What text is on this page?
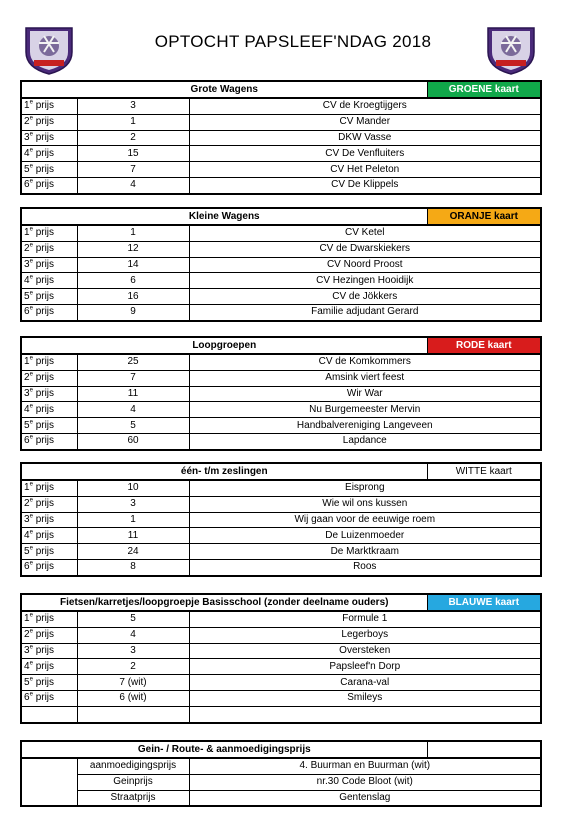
OPTOCHT PAPSLEEF'NDAG 2018
Grote Wagens			GROENE kaart
1e prijs	3	CV de Kroegtijgers	
2e prijs	1	CV Mander	
3e prijs	2	DKW Vasse	
4e prijs	15	CV De Venfluiters	
5e prijs	7	CV Het Peleton	
6e prijs	4	CV De Klippels	
Kleine Wagens			ORANJE kaart
1e prijs	1	CV Ketel	
2e prijs	12	CV de Dwarskiekers	
3e prijs	14	CV Noord Proost	
4e prijs	6	CV Hezingen Hooidijk	
5e prijs	16	CV de Jökkers	
6e prijs	9	Familie adjudant Gerard	
Loopgroepen			RODE kaart
1e prijs	25	CV de Komkommers	
2e prijs	7	Amsink viert feest	
3e prijs	11	Wir War	
4e prijs	4	Nu Burgemeester Mervin	
5e prijs	5	Handbalvereniging Langeveen	
6e prijs	60	Lapdance	
één- t/m zeslingen			WITTE kaart
1e prijs	10	Eisprong	
2e prijs	3	Wie wil ons kussen	
3e prijs	1	Wij gaan voor de eeuwige roem	
4e prijs	11	De Luizenmoeder	
5e prijs	24	De Marktkraam	
6e prijs	8	Roos	
Fietsen/karretjes/loopgroepje Basisschool (zonder deelname ouders)			BLAUWE kaart
1e prijs	5	Formule 1	
2e prijs	4	Legerboys	
3e prijs	3	Oversteken	
4e prijs	2	Papsleef'n Dorp	
5e prijs	7 (wit)	Carana-val	
6e prijs	6 (wit)	Smileys	

Gein- / Route- & aanmoedigingsprijs			
	aanmoedigingsprijs	4. Buurman en Buurman (wit)	
	Geinprijs	nr.30 Code Bloot (wit)	
	Straatprijs	Gentenslag	
